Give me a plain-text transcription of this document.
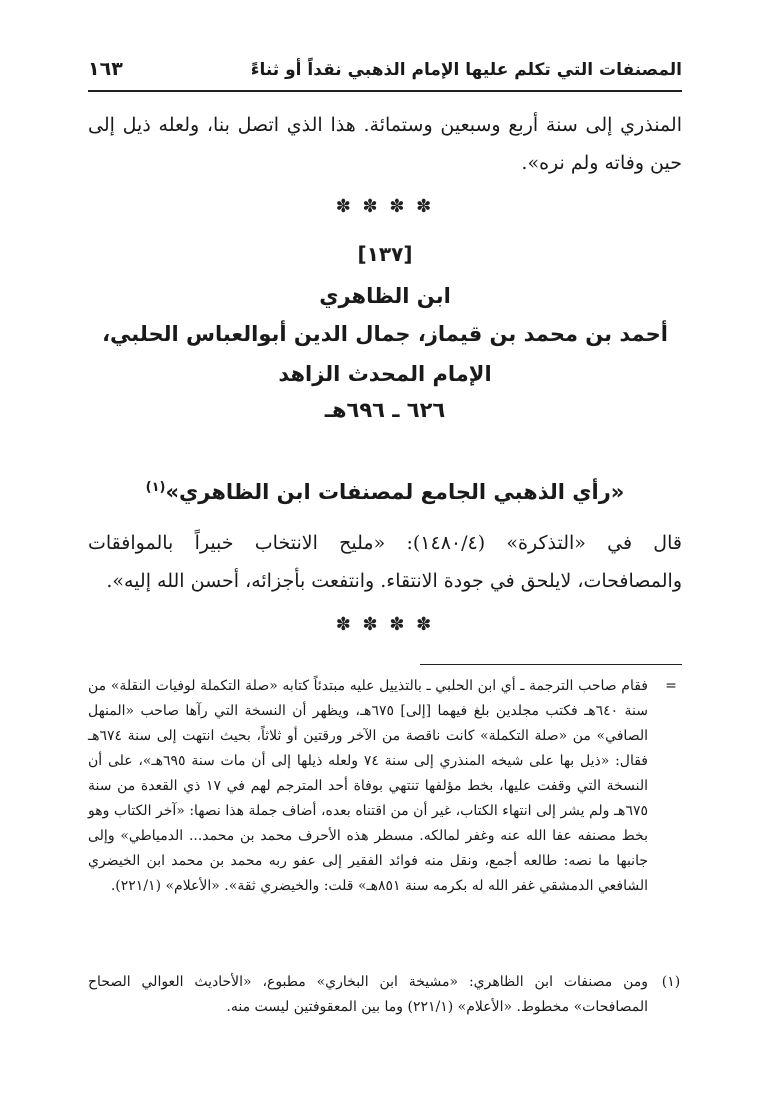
المصنفات التي تكلم عليها الإمام الذهبي نقداً أو ثناءً
١٦٣
المنذري إلى سنة أربع وسبعين وستمائة. هذا الذي اتصل بنا، ولعله ذيل إلى حين وفاته ولم نره».
✽ ✽ ✽ ✽
[١٣٧]
ابن الظاهري
أحمد بن محمد بن قيماز، جمال الدين أبوالعباس الحلبي،
الإمام المحدث الزاهد
٦٢٦ ـ ٦٩٦هـ
«رأي الذهبي الجامع لمصنفات ابن الظاهري»$^{(١)}$
قال في «التذكرة» (١٤٨٠/٤): «مليح الانتخاب خبيراً بالموافقات والمصافحات، لايلحق في جودة الانتقاء. وانتفعت بأجزائه، أحسن الله إليه».
✽ ✽ ✽ ✽
=
فقام صاحب الترجمة ـ أي ابن الحلبي ـ بالتذييل عليه مبتدئاً كتابه «صلة التكملة لوفيات النقلة» من سنة ٦٤٠هـ فكتب مجلدين بلغ فيهما [إلى] ٦٧٥هـ، ويظهر أن النسخة التي رآها صاحب «المنهل الصافي» من «صلة التكملة» كانت ناقصة من الآخر ورقتين أو ثلاثاً، بحيث انتهت إلى سنة ٦٧٤هـ فقال: «ذيل بها على شيخه المنذري إلى سنة ٧٤ ولعله ذيلها إلى أن مات سنة ٦٩٥هـ»، على أن النسخة التي وقفت عليها، بخط مؤلفها تنتهي بوفاة أحد المترجم لهم في ١٧ ذي القعدة من سنة ٦٧٥هـ ولم يشر إلى انتهاء الكتاب، غير أن من اقتناه بعده، أضاف جملة هذا نصها: «آخر الكتاب وهو بخط مصنفه عفا الله عنه وغفر لمالكه. مسطر هذه الأحرف محمد بن محمد... الدمياطي» وإلى جانبها ما نصه: طالعه أجمع، ونقل منه فوائد الفقير إلى عفو ربه محمد بن محمد ابن الخيضري الشافعي الدمشقي غفر الله له بكرمه سنة ٨٥١هـ» قلت: والخيضري ثقة». «الأعلام» (٢٢١/١).
(١)
ومن مصنفات ابن الظاهري: «مشيخة ابن البخاري» مطبوع، «الأحاديث العوالي الصحاح المصافحات» مخطوط. «الأعلام» (٢٢١/١) وما بين المعقوفتين ليست منه.
